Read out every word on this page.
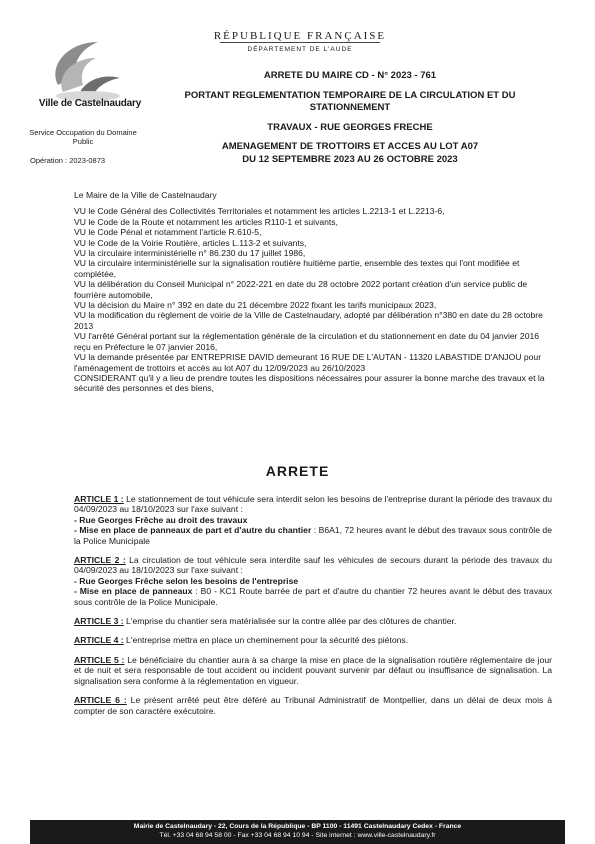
Ville de Castelnaudary
Service Occupation du Domaine Public
Opération : 2023-0873
RÉPUBLIQUE FRANÇAISE
DÉPARTEMENT DE L'AUDE
ARRETE DU MAIRE CD - N° 2023 - 761
PORTANT REGLEMENTATION TEMPORAIRE DE LA CIRCULATION ET DU STATIONNEMENT
TRAVAUX - RUE GEORGES FRECHE
AMENAGEMENT DE TROTTOIRS ET ACCES AU LOT A07
DU 12 SEPTEMBRE 2023 AU 26 OCTOBRE 2023

Le Maire de la Ville de Castelnaudary

VU le Code Général des Collectivités Territoriales et notamment les articles L.2213-1 et L.2213-6,

VU le Code de la Route et notamment les articles R110-1 et suivants,

VU le Code Pénal et notamment l'article R.610-5,

VU le Code de la Voirie Routière, articles L.113-2 et suivants,

VU la circulaire interministérielle n° 86.230 du 17 juillet 1986,

VU la circulaire interministérielle sur la signalisation routière huitième partie, ensemble des textes qui l'ont modifiée et complétée,

VU la délibération du Conseil Municipal n° 2022-221 en date du 28 octobre 2022 portant création d'un service public de fourrière automobile,

VU la décision du Maire n° 392 en date du 21 décembre 2022 fixant les tarifs municipaux 2023,

VU la modification du règlement de voirie de la Ville de Castelnaudary, adopté par délibération n°380 en date du 28 octobre 2013

VU l'arrêté Général portant sur la réglementation générale de la circulation et du stationnement en date du 04 janvier 2016 reçu en Préfecture le 07 janvier 2016,

VU la demande présentée par ENTREPRISE DAVID demeurant 16 RUE DE L'AUTAN - 11320 LABASTIDE D'ANJOU pour l'aménagement de trottoirs et accès au lot A07 du 12/09/2023 au 26/10/2023

CONSIDERANT qu'il y a lieu de prendre toutes les dispositions nécessaires pour assurer la bonne marche des travaux et la sécurité des personnes et des biens,

ARRETE
ARTICLE 1 : Le stationnement de tout véhicule sera interdit selon les besoins de l'entreprise durant la période des travaux du 04/09/2023 au 18/10/2023 sur l'axe suivant :
- Rue Georges Frêche au droit des travaux
- Mise en place de panneaux de part et d'autre du chantier : B6A1, 72 heures avant le début des travaux sous contrôle de la Police Municipale
ARTICLE 2 : La circulation de tout véhicule sera interdite sauf les véhicules de secours durant la période des travaux du 04/09/2023 au 18/10/2023 sur l'axe suivant :
- Rue Georges Frêche selon les besoins de l'entreprise
- Mise en place de panneaux : B0 - KC1 Route barrée de part et d'autre du chantier 72 heures avant le début des travaux sous contrôle de la Police Municipale.
ARTICLE 3 : L'emprise du chantier sera matérialisée sur la contre allée par des clôtures de chantier.
ARTICLE 4 : L'entreprise mettra en place un cheminement pour la sécurité des piétons.
ARTICLE 5 : Le bénéficiaire du chantier aura à sa charge la mise en place de la signalisation routière réglementaire de jour et de nuit et sera responsable de tout accident ou incident pouvant survenir par défaut ou insuffisance de signalisation. La signalisation sera conforme à la réglementation en vigueur.
ARTICLE 6 : Le présent arrêté peut être déféré au Tribunal Administratif de Montpellier, dans un délai de deux mois à compter de son caractère exécutoire.
Mairie de Castelnaudary - 22, Cours de la République - BP 1100 - 11491 Castelnaudary Cedex - France
Tél. +33 04 68 94 58 00 - Fax +33 04 68 94 10 94 - Site internet : www.ville-castelnaudary.fr
